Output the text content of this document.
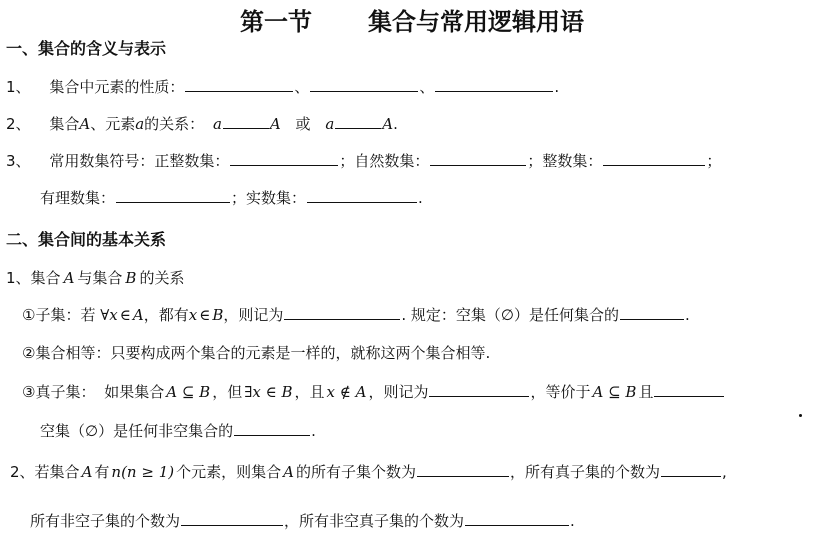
第一节 集合与常用逻辑用语
一、集合的含义与表示
1、 集合中元素的性质：	、	、	.
2、 集合A、元素a的关系： a	A 或 a	A.
3、 常用数集符号：正整数集：	；自然数集：	；整数集：	；
有理数集：	；实数集：	.
二、集合间的基本关系
1、集合 A 与集合 B 的关系
①子集：若 ∀x ∈ A，都有x ∈ B，则记为	. 规定：空集（∅）是任何集合的	.
②集合相等：只要构成两个集合的元素是一样的，就称这两个集合相等.
③真子集： 如果集合 A ⊆ B ，但 ∃x ∈ B ，且 x ∉ A ，则记为	，等价于 A ⊆ B 且
空集（∅）是任何非空集合的	.
2、若集合 A 有 n(n ≥ 1) 个元素，则集合 A 的所有子集个数为	，所有真子集的个数为	,
所有非空子集的个数为	，所有非空真子集的个数为	.
